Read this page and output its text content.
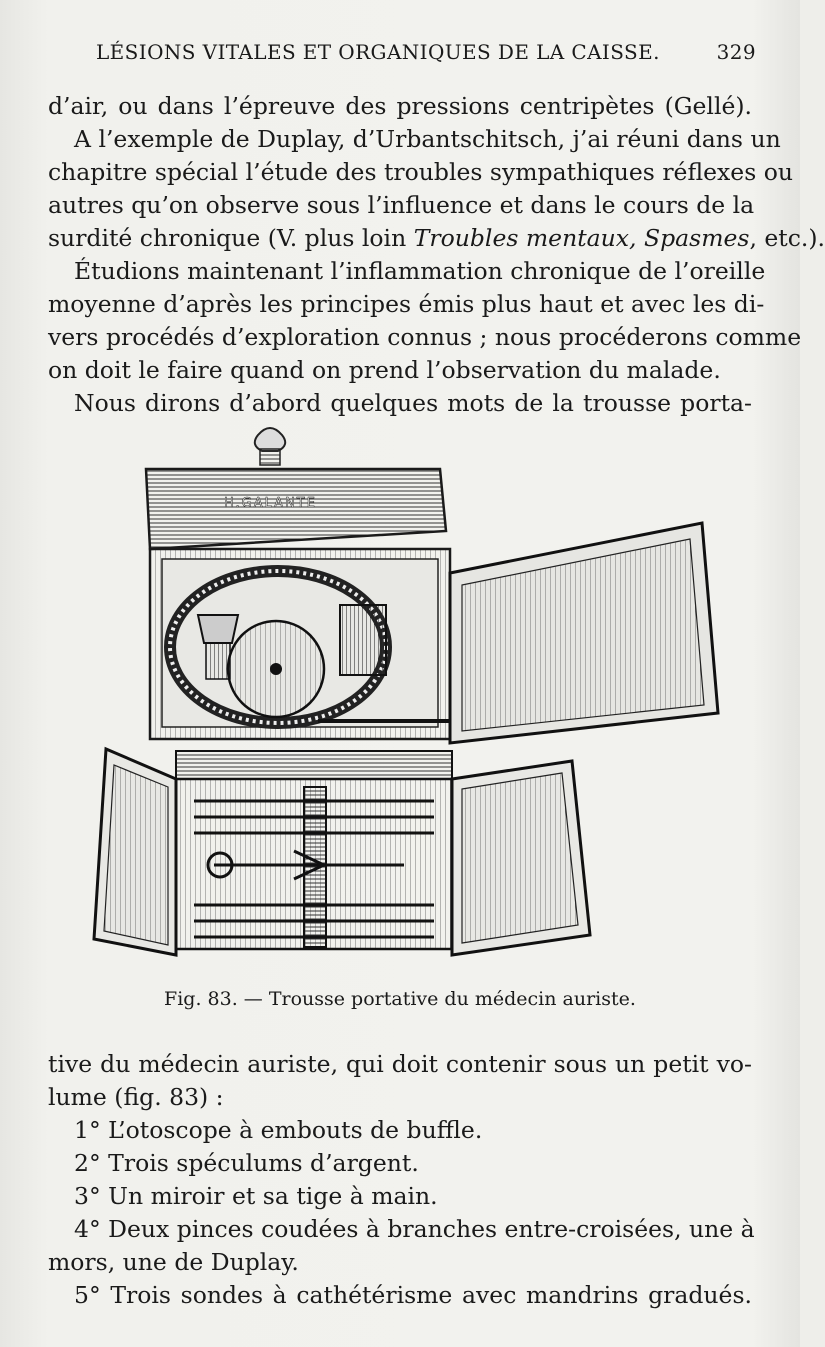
LÉSIONS VITALES ET ORGANIQUES DE LA CAISSE.	329
d’air, ou dans l’épreuve des pressions centripètes (Gellé).
A l’exemple de Duplay, d’Urbantschitsch, j’ai réuni dans un
chapitre spécial l’étude des troubles sympathiques réflexes ou
autres qu’on observe sous l’influence et dans le cours de la
surdité chronique (V. plus loin Troubles mentaux, Spasmes, etc.).
Étudions maintenant l’inflammation chronique de l’oreille
moyenne d’après les principes émis plus haut et avec les di-
vers procédés d’exploration connus ; nous procéderons comme
on doit le faire quand on prend l’observation du malade.
Nous dirons d’abord quelques mots de la trousse porta-
H.GALANTE
Fig. 83. — Trousse portative du médecin auriste.
tive du médecin auriste, qui doit contenir sous un petit vo-
lume (fig. 83) :
1° L’otoscope à embouts de buffle.
2° Trois spéculums d’argent.
3° Un miroir et sa tige à main.
4° Deux pinces coudées à branches entre-croisées, une à
mors, une de Duplay.
5° Trois sondes à cathétérisme avec mandrins gradués.
